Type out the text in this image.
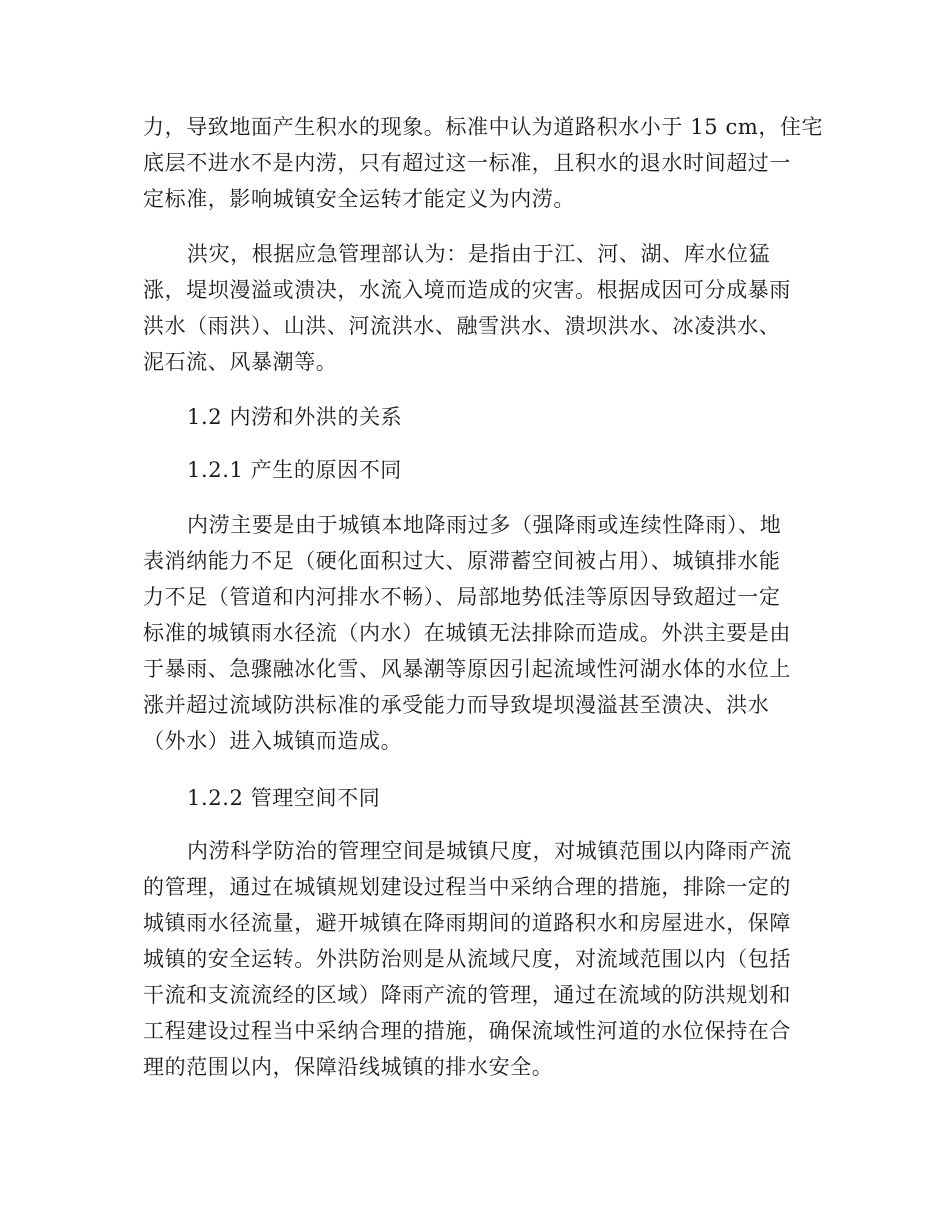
力，导致地面产生积水的现象。标准中认为道路积水小于 15 cm，住宅
底层不进水不是内涝，只有超过这一标准，且积水的退水时间超过一
定标准，影响城镇安全运转才能定义为内涝。
洪灾，根据应急管理部认为：是指由于江、河、湖、库水位猛
涨，堤坝漫溢或溃决，水流入境而造成的灾害。根据成因可分成暴雨
洪水（雨洪）、山洪、河流洪水、融雪洪水、溃坝洪水、冰凌洪水、
泥石流、风暴潮等。
1.2 内涝和外洪的关系
1.2.1 产生的原因不同
内涝主要是由于城镇本地降雨过多（强降雨或连续性降雨）、地
表消纳能力不足（硬化面积过大、原滞蓄空间被占用）、城镇排水能
力不足（管道和内河排水不畅）、局部地势低洼等原因导致超过一定
标准的城镇雨水径流（内水）在城镇无法排除而造成。外洪主要是由
于暴雨、急骤融冰化雪、风暴潮等原因引起流域性河湖水体的水位上
涨并超过流域防洪标准的承受能力而导致堤坝漫溢甚至溃决、洪水
（外水）进入城镇而造成。
1.2.2 管理空间不同
内涝科学防治的管理空间是城镇尺度，对城镇范围以内降雨产流
的管理，通过在城镇规划建设过程当中采纳合理的措施，排除一定的
城镇雨水径流量，避开城镇在降雨期间的道路积水和房屋进水，保障
城镇的安全运转。外洪防治则是从流域尺度，对流域范围以内（包括
干流和支流流经的区域）降雨产流的管理，通过在流域的防洪规划和
工程建设过程当中采纳合理的措施，确保流域性河道的水位保持在合
理的范围以内，保障沿线城镇的排水安全。
